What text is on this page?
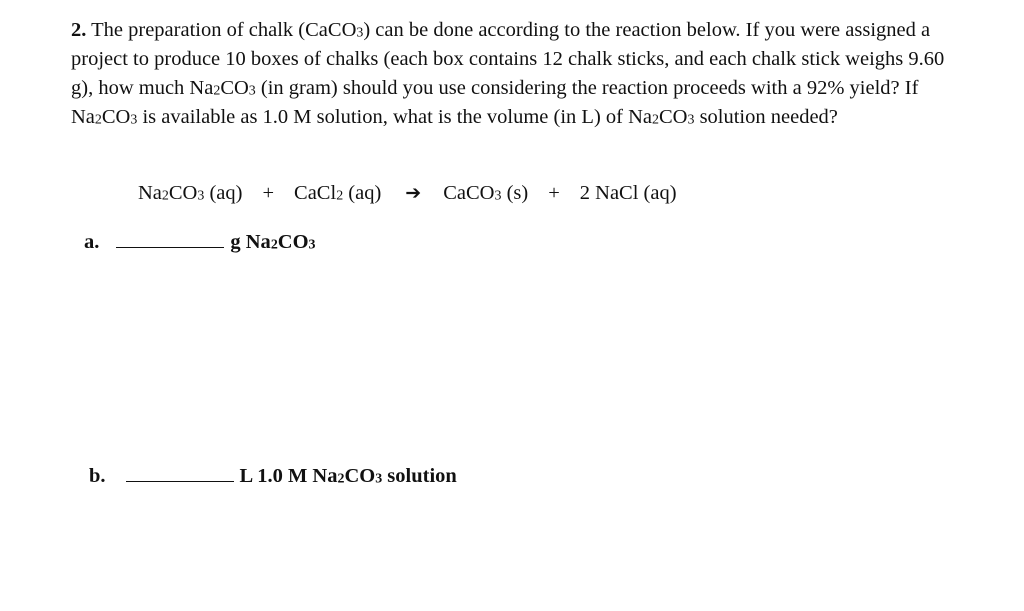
2. The preparation of chalk (CaCO$_3$) can be done according to the reaction below. If you were assigned a project to produce 10 boxes of chalks (each box contains 12 chalk sticks, and each chalk stick weighs 9.60 g), how much $Na_2CO_3$ (in gram) should you use considering the reaction proceeds with a 92% yield? If $Na_2CO_3$ is available as 1.0 M solution, what is the volume (in L) of $Na_2CO_3$ solution needed?
$Na_2CO_3$ (aq) + CaCl$_2$ (aq) ➔ CaCO$_3$ (s) + 2 NaCl (aq)
a.	g $Na_2CO_3$
b.	L 1.0 M $Na_2CO_3$ solution
